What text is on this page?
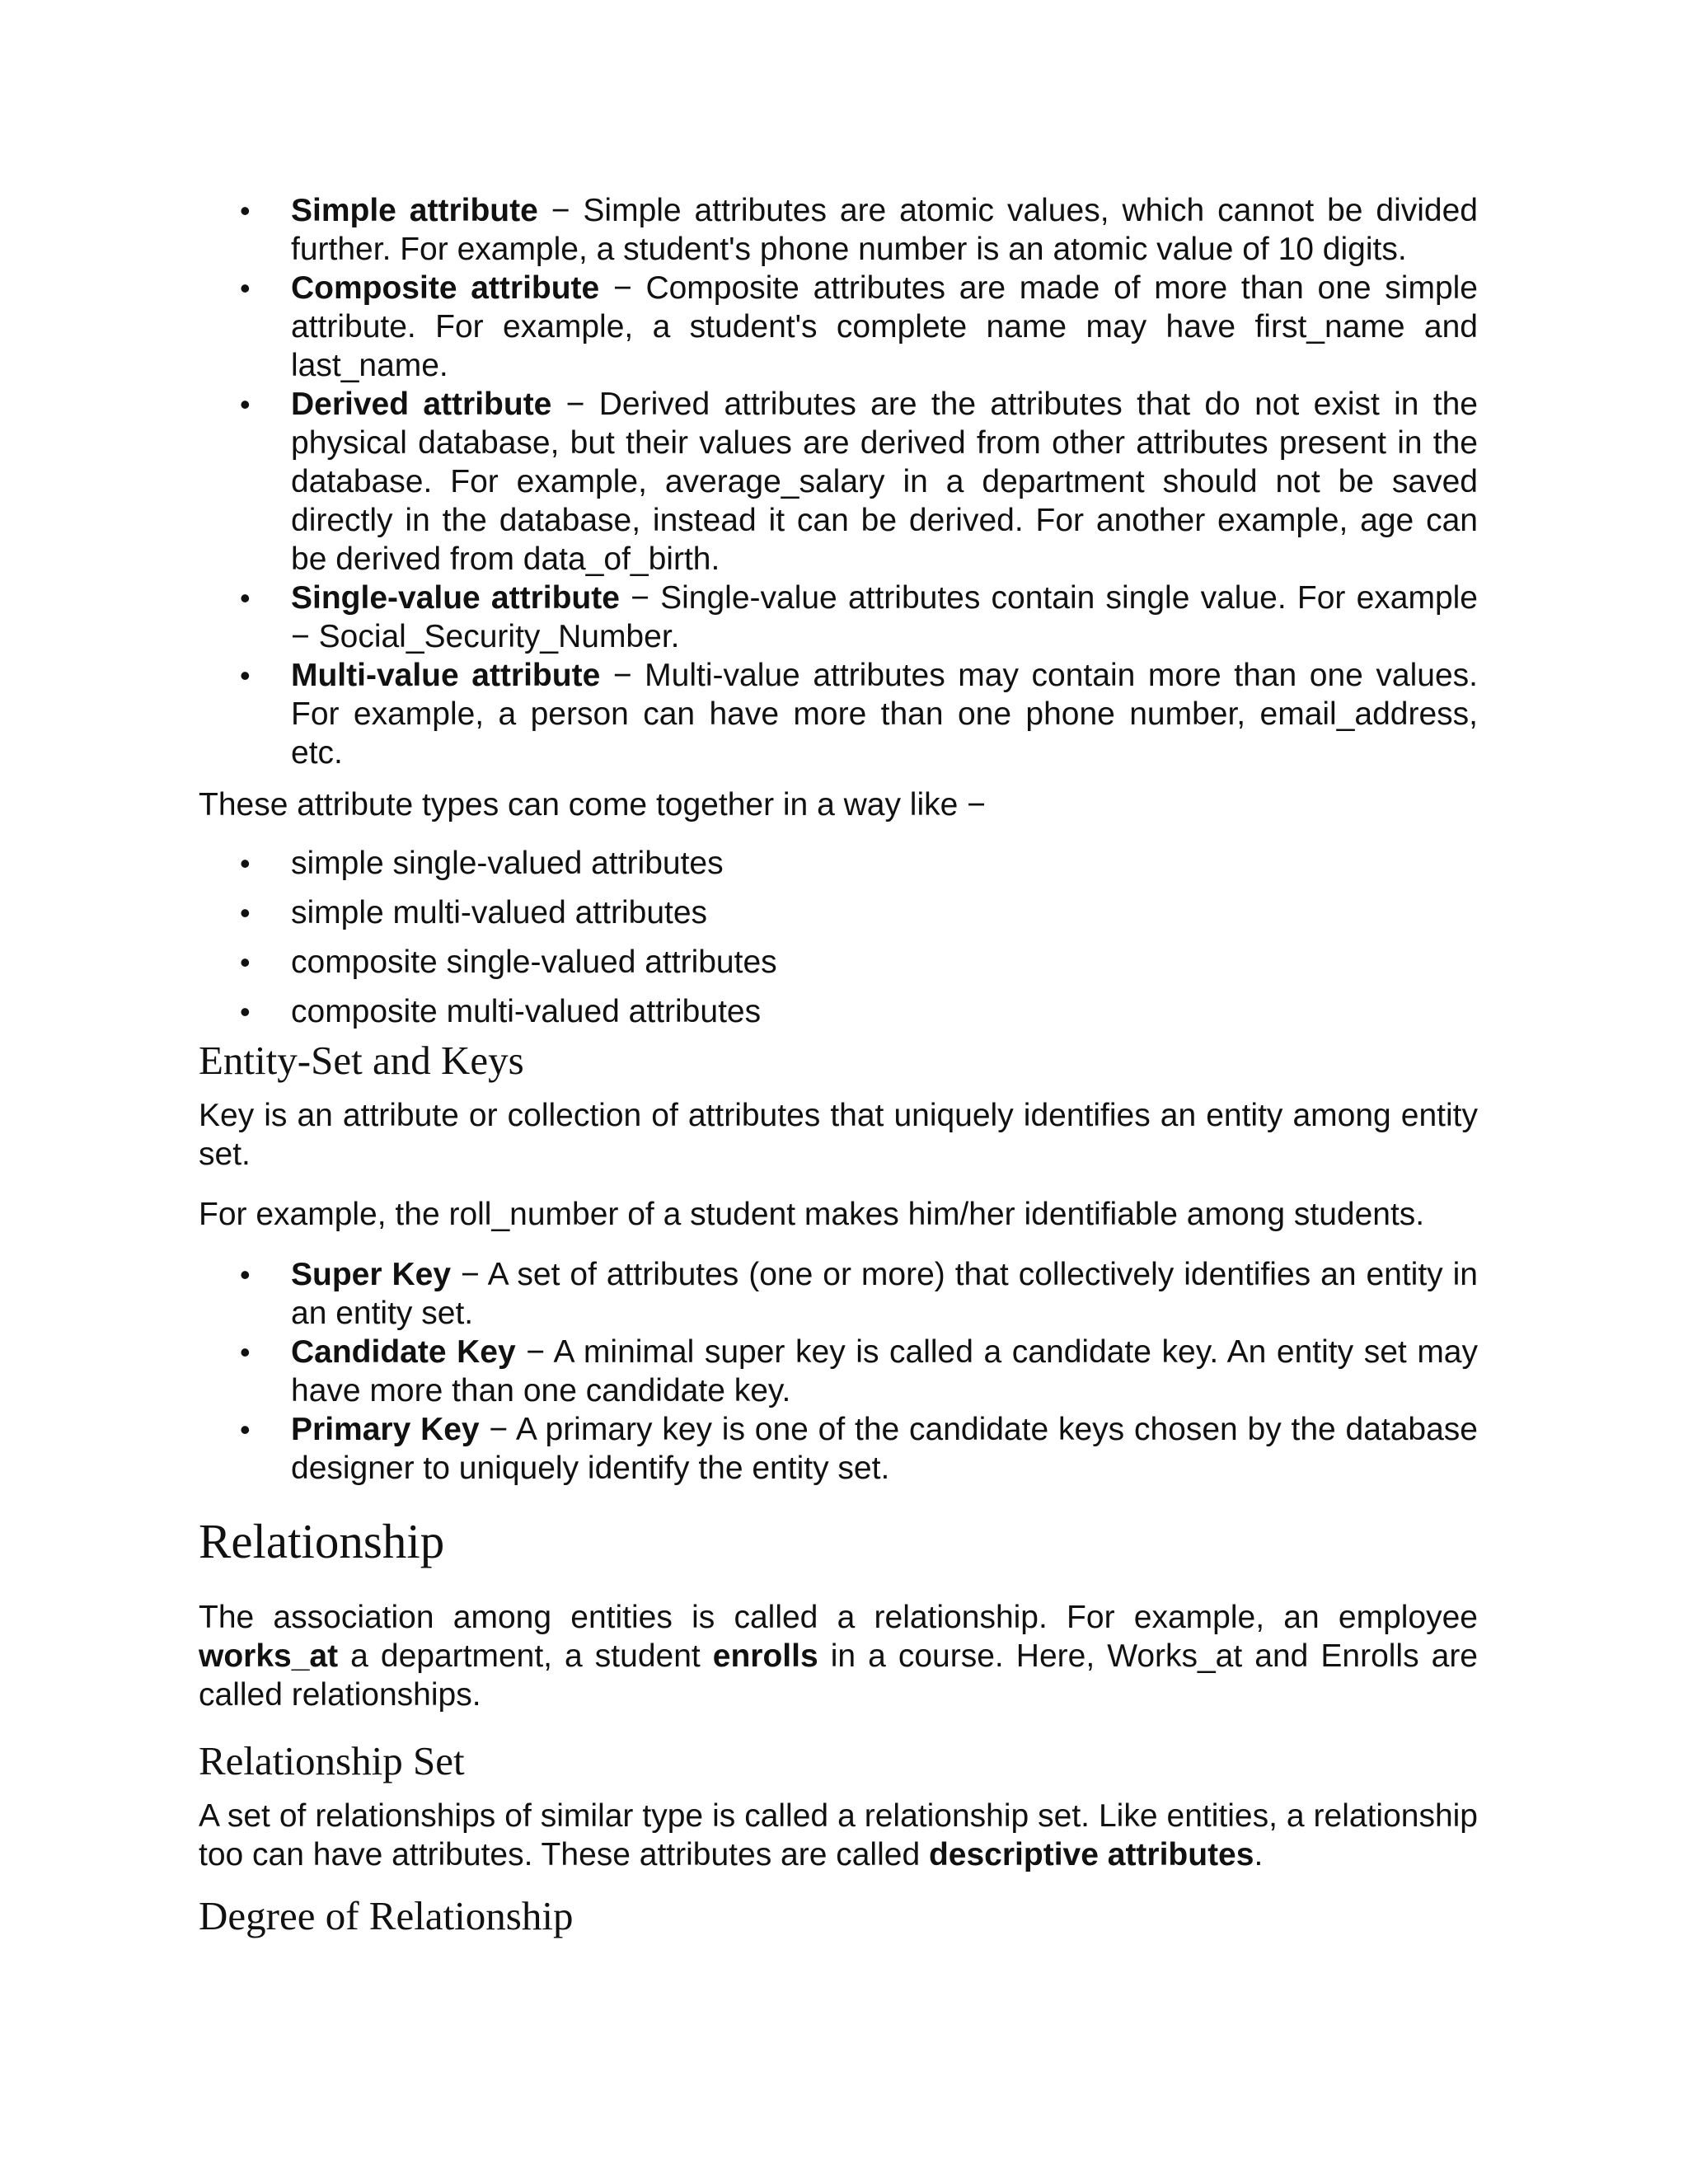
• Simple attribute − Simple attributes are atomic values, which cannot be divided further. For example, a student's phone number is an atomic value of 10 digits.
• Composite attribute − Composite attributes are made of more than one simple attribute. For example, a student's complete name may have first_name and last_name.
• Derived attribute − Derived attributes are the attributes that do not exist in the physical database, but their values are derived from other attributes present in the database. For example, average_salary in a department should not be saved directly in the database, instead it can be derived. For another example, age can be derived from data_of_birth.
• Single-value attribute − Single-value attributes contain single value. For example − Social_Security_Number.
• Multi-value attribute − Multi-value attributes may contain more than one values. For example, a person can have more than one phone number, email_address, etc.

These attribute types can come together in a way like −

• simple single-valued attributes
• simple multi-valued attributes
• composite single-valued attributes
• composite multi-valued attributes
Entity-Set and Keys

Key is an attribute or collection of attributes that uniquely identifies an entity among entity set.

For example, the roll_number of a student makes him/her identifiable among students.

• Super Key − A set of attributes (one or more) that collectively identifies an entity in an entity set.
• Candidate Key − A minimal super key is called a candidate key. An entity set may have more than one candidate key.
• Primary Key − A primary key is one of the candidate keys chosen by the database designer to uniquely identify the entity set.
Relationship

The association among entities is called a relationship. For example, an employee works_at a department, a student enrolls in a course. Here, Works_at and Enrolls are called relationships.

Relationship Set

A set of relationships of similar type is called a relationship set. Like entities, a relationship too can have attributes. These attributes are called descriptive attributes.

Degree of Relationship
